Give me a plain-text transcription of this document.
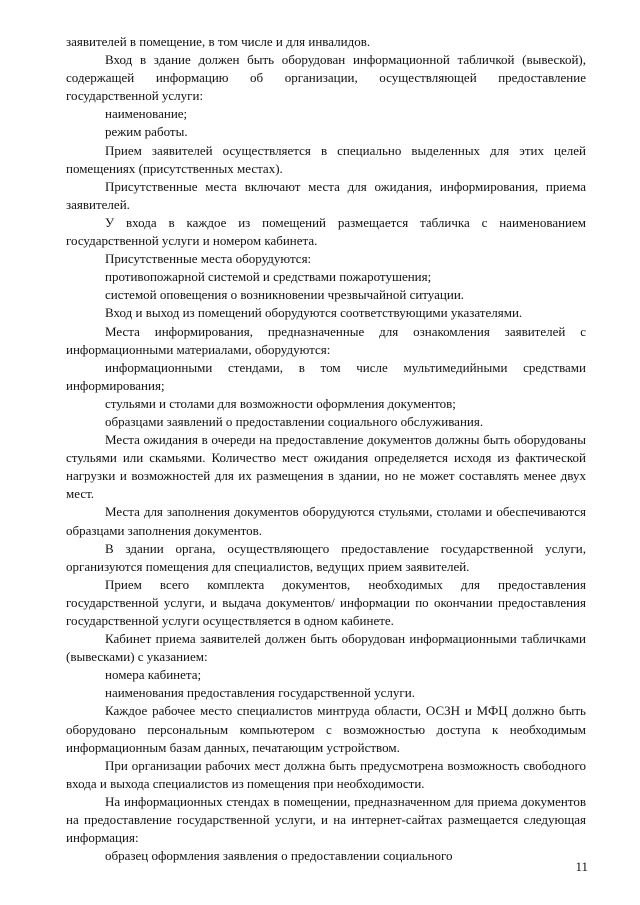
заявителей в помещение, в том числе и для инвалидов.

Вход в здание должен быть оборудован информационной табличкой (вывеской), содержащей информацию об организации, осуществляющей предоставление государственной услуги:

наименование;

режим работы.

Прием заявителей осуществляется в специально выделенных для этих целей помещениях (присутственных местах).

Присутственные места включают места для ожидания, информирования, приема заявителей.

У входа в каждое из помещений размещается табличка с наименованием государственной услуги и номером кабинета.

Присутственные места оборудуются:

противопожарной системой и средствами пожаротушения;

системой оповещения о возникновении чрезвычайной ситуации.

Вход и выход из помещений оборудуются соответствующими указателями.

Места информирования, предназначенные для ознакомления заявителей с информационными материалами, оборудуются:

информационными стендами, в том числе мультимедийными средствами информирования;

стульями и столами для возможности оформления документов;

образцами заявлений о предоставлении социального обслуживания.

Места ожидания в очереди на предоставление документов должны быть оборудованы стульями или скамьями. Количество мест ожидания определяется исходя из фактической нагрузки и возможностей для их размещения в здании, но не может составлять менее двух мест.

Места для заполнения документов оборудуются стульями, столами и обеспечиваются образцами заполнения документов.

В здании органа, осуществляющего предоставление государственной услуги, организуются помещения для специалистов, ведущих прием заявителей.

Прием всего комплекта документов, необходимых для предоставления государственной услуги, и выдача документов/ информации по окончании предоставления государственной услуги осуществляется в одном кабинете.

Кабинет приема заявителей должен быть оборудован информационными табличками (вывесками) с указанием:

номера кабинета;

наименования предоставления государственной услуги.

Каждое рабочее место специалистов минтруда области, ОСЗН и МФЦ должно быть оборудовано персональным компьютером с возможностью доступа к необходимым информационным базам данных, печатающим устройством.

При организации рабочих мест должна быть предусмотрена возможность свободного входа и выхода специалистов из помещения при необходимости.

На информационных стендах в помещении, предназначенном для приема документов на предоставление государственной услуги, и на интернет-сайтах размещается следующая информация:

образец оформления заявления о предоставлении социального

11
